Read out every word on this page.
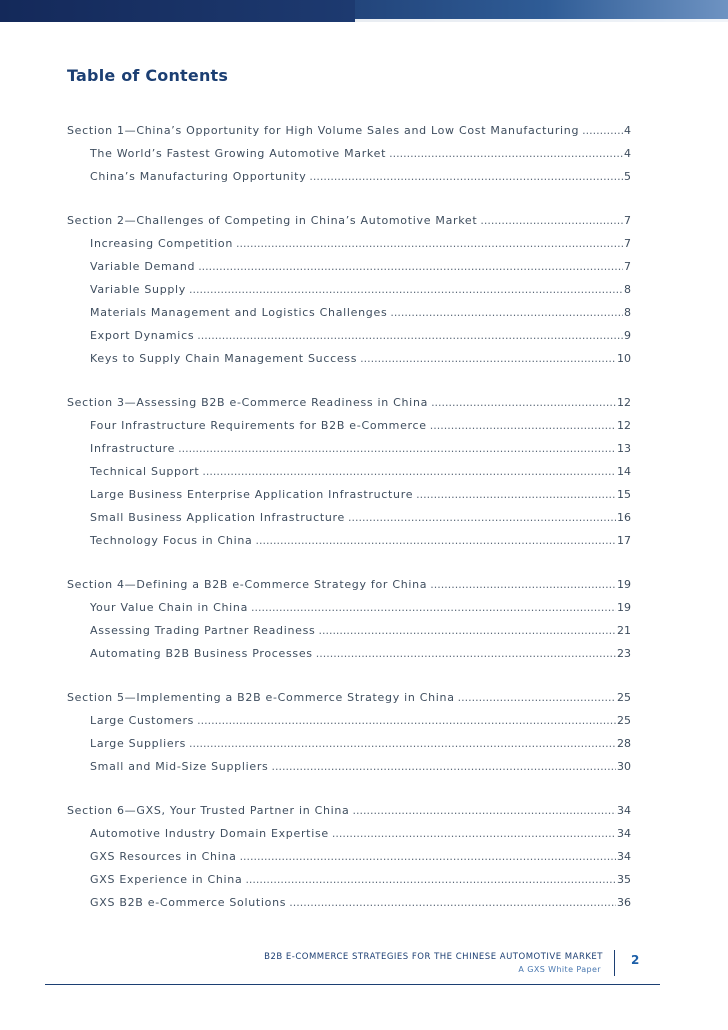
Table of Contents
Section 1—China’s Opportunity for High Volume Sales and Low Cost Manufacturing .....	4
The World’s Fastest Growing Automotive Market .....	4
China’s Manufacturing Opportunity .....	5
Section 2—Challenges of Competing in China’s Automotive Market .....	7
Increasing Competition .....	7
Variable Demand .....	7
Variable Supply .....	8
Materials Management and Logistics Challenges .....	8
Export Dynamics .....	9
Keys to Supply Chain Management Success .....	10
Section 3—Assessing B2B e-Commerce Readiness in China .....	12
Four Infrastructure Requirements for B2B e-Commerce .....	12
Infrastructure .....	13
Technical Support .....	14
Large Business Enterprise Application Infrastructure .....	15
Small Business Application Infrastructure .....	16
Technology Focus in China .....	17
Section 4—Defining a B2B e-Commerce Strategy for China .....	19
Your Value Chain in China .....	19
Assessing Trading Partner Readiness .....	21
Automating B2B Business Processes .....	23
Section 5—Implementing a B2B e-Commerce Strategy in China .....	25
Large Customers .....	25
Large Suppliers .....	28
Small and Mid-Size Suppliers .....	30
Section 6—GXS, Your Trusted Partner in China .....	34
Automotive Industry Domain Expertise .....	34
GXS Resources in China .....	34
GXS Experience in China .....	35
GXS B2B e-Commerce Solutions .....	36
B2B E-COMMERCE STRATEGIES FOR THE CHINESE AUTOMOTIVE MARKET
A GXS White Paper
2
